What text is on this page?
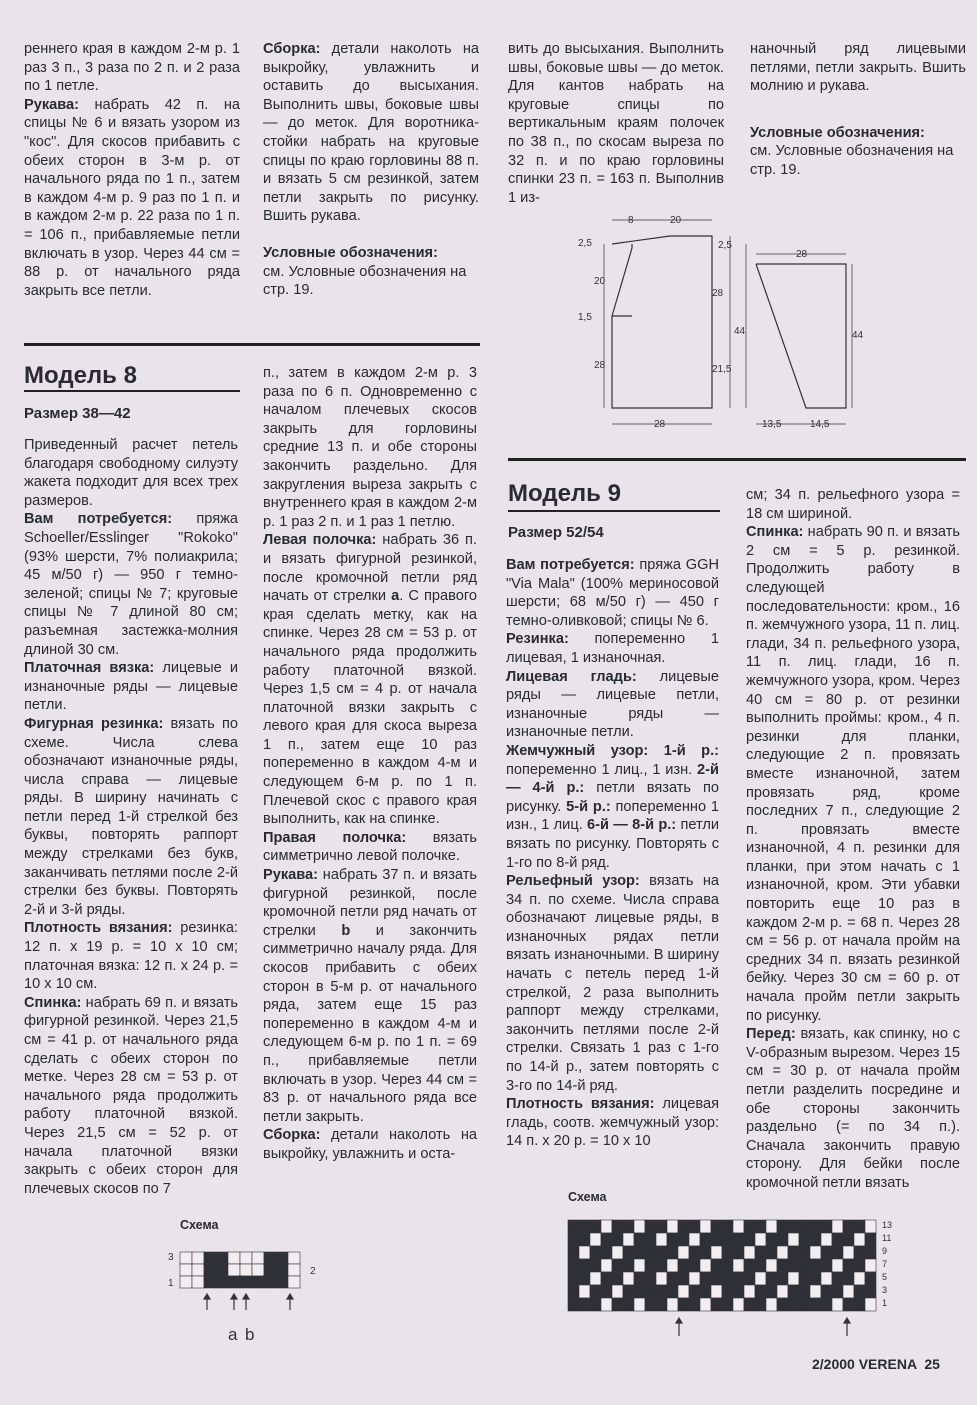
реннего края в каждом 2-м р. 1 раз 3 п., 3 раза по 2 п. и 2 раза по 1 петле.
Рукава: набрать 42 п. на спицы № 6 и вязать узором из "кос". Для скосов прибавить с обеих сторон в 3-м р. от начального ряда по 1 п., затем в каждом 4-м р. 9 раз по 1 п. и в каждом 2-м р. 22 раза по 1 п. = 106 п., прибавляемые петли включать в узор. Через 44 см = 88 р. от начального ряда закрыть все петли.

Сборка: детали наколоть на выкройку, увлажнить и оставить до высыхания. Выполнить швы, боковые швы — до меток. Для воротника-стойки набрать на круговые спицы по краю горловины 88 п. и вязать 5 см резинкой, затем петли закрыть по рисунку. Вшить рукава.

Условные обозначения:
см. Условные обозначения на стр. 19.

вить до высыхания. Выполнить швы, боковые швы — до меток. Для кантов набрать на круговые спицы по вертикальным краям полочек по 38 п., по скосам выреза по 32 п. и по краю горловины спинки 23 п. = 163 п. Выполнив 1 из-

наночный ряд лицевыми петлями, петли закрыть. Вшить молнию и рукава.

Условные обозначения:
см. Условные обозначения на стр. 19.

8	20
2,5
20
1,5
28
2,5
28
21,5
44
28
28
44
13,5	14,5
Модель 8
Размер 38—42

Приведенный расчет петель благодаря свободному силуэту жакета подходит для всех трех размеров.
Вам потребуется: пряжа Schoeller/Esslinger "Rokoko" (93% шерсти, 7% полиакрила; 45 м/50 г) — 950 г темно-зеленой; спицы № 7; круговые спицы № 7 длиной 80 см; разъемная застежка-молния длиной 30 см.
Платочная вязка: лицевые и изнаночные ряды — лицевые петли.
Фигурная резинка: вязать по схеме. Числа слева обозначают изнаночные ряды, числа справа — лицевые ряды. В ширину начинать с петли перед 1-й стрелкой без буквы, повторять раппорт между стрелками без букв, заканчивать петлями после 2-й стрелки без буквы. Повторять 2-й и 3-й ряды.
Плотность вязания: резинка: 12 п. х 19 р. = 10 х 10 см; платочная вязка: 12 п. х 24 р. = 10 х 10 см.
Спинка: набрать 69 п. и вязать фигурной резинкой. Через 21,5 см = 41 р. от начального ряда сделать с обеих сторон по метке. Через 28 см = 53 р. от начального ряда продолжить работу платочной вязкой. Через 21,5 см = 52 р. от начала платочной вязки закрыть с обеих сторон для плечевых скосов по 7

п., затем в каждом 2-м р. 3 раза по 6 п. Одновременно с началом плечевых скосов закрыть для горловины средние 13 п. и обе стороны закончить раздельно. Для закругления выреза закрыть с внутреннего края в каждом 2-м р. 1 раз 2 п. и 1 раз 1 петлю.
Левая полочка: набрать 36 п. и вязать фигурной резинкой, после кромочной петли ряд начать от стрелки а. С правого края сделать метку, как на спинке. Через 28 см = 53 р. от начального ряда продолжить работу платочной вязкой. Через 1,5 см = 4 р. от начала платочной вязки закрыть с левого края для скоса выреза 1 п., затем еще 10 раз попеременно в каждом 4-м и следующем 6-м р. по 1 п. Плечевой скос с правого края выполнить, как на спинке.
Правая полочка: вязать симметрично левой полочке.
Рукава: набрать 37 п. и вязать фигурной резинкой, после кромочной петли ряд начать от стрелки b и закончить симметрично началу ряда. Для скосов прибавить с обеих сторон в 5-м р. от начального ряда, затем еще 15 раз попеременно в каждом 4-м и следующем 6-м р. по 1 п. = 69 п., прибавляемые петли включать в узор. Через 44 см = 83 р. от начального ряда все петли закрыть.
Сборка: детали наколоть на выкройку, увлажнить и оста-

Схема
3
1
2
a b
Модель 9
Размер 52/54

Вам потребуется: пряжа GGH "Via Mala" (100% мериносовой шерсти; 68 м/50 г) — 450 г темно-оливковой; спицы № 6.
Резинка: попеременно 1 лицевая, 1 изнаночная.
Лицевая гладь: лицевые ряды — лицевые петли, изнаночные ряды — изнаночные петли.
Жемчужный узор: 1-й р.: попеременно 1 лиц., 1 изн. 2-й — 4-й р.: петли вязать по рисунку. 5-й р.: попеременно 1 изн., 1 лиц. 6-й — 8-й р.: петли вязать по рисунку. Повторять с 1-го по 8-й ряд.
Рельефный узор: вязать на 34 п. по схеме. Числа справа обозначают лицевые ряды, в изнаночных рядах петли вязать изнаночными. В ширину начать с петель перед 1-й стрелкой, 2 раза выполнить раппорт между стрелками, закончить петлями после 2-й стрелки. Связать 1 раз с 1-го по 14-й р., затем повторять с 3-го по 14-й ряд.
Плотность вязания: лицевая гладь, соотв. жемчужный узор: 14 п. х 20 р. = 10 х 10

см; 34 п. рельефного узора = 18 см шириной.
Спинка: набрать 90 п. и вязать 2 см = 5 р. резинкой. Продолжить работу в следующей последовательности: кром., 16 п. жемчужного узора, 11 п. лиц. глади, 34 п. рельефного узора, 11 п. лиц. глади, 16 п. жемчужного узора, кром. Через 40 см = 80 р. от резинки выполнить проймы: кром., 4 п. резинки для планки, следующие 2 п. провязать вместе изнаночной, затем провязать ряд, кроме последних 7 п., следующие 2 п. провязать вместе изнаночной, 4 п. резинки для планки, при этом начать с 1 изнаночной, кром. Эти убавки повторить еще 10 раз в каждом 2-м р. = 68 п. Через 28 см = 56 р. от начала пройм на средних 34 п. вязать резинкой бейку. Через 30 см = 60 р. от начала пройм петли закрыть по рисунку.
Перед: вязать, как спинку, но с V-образным вырезом. Через 15 см = 30 р. от начала пройм петли разделить посредине и обе стороны закончить раздельно (= по 34 п.). Сначала закончить правую сторону. Для бейки после кромочной петли вязать

Схема
13
11
9
7
5
3
1
2/2000 VERENA  25
